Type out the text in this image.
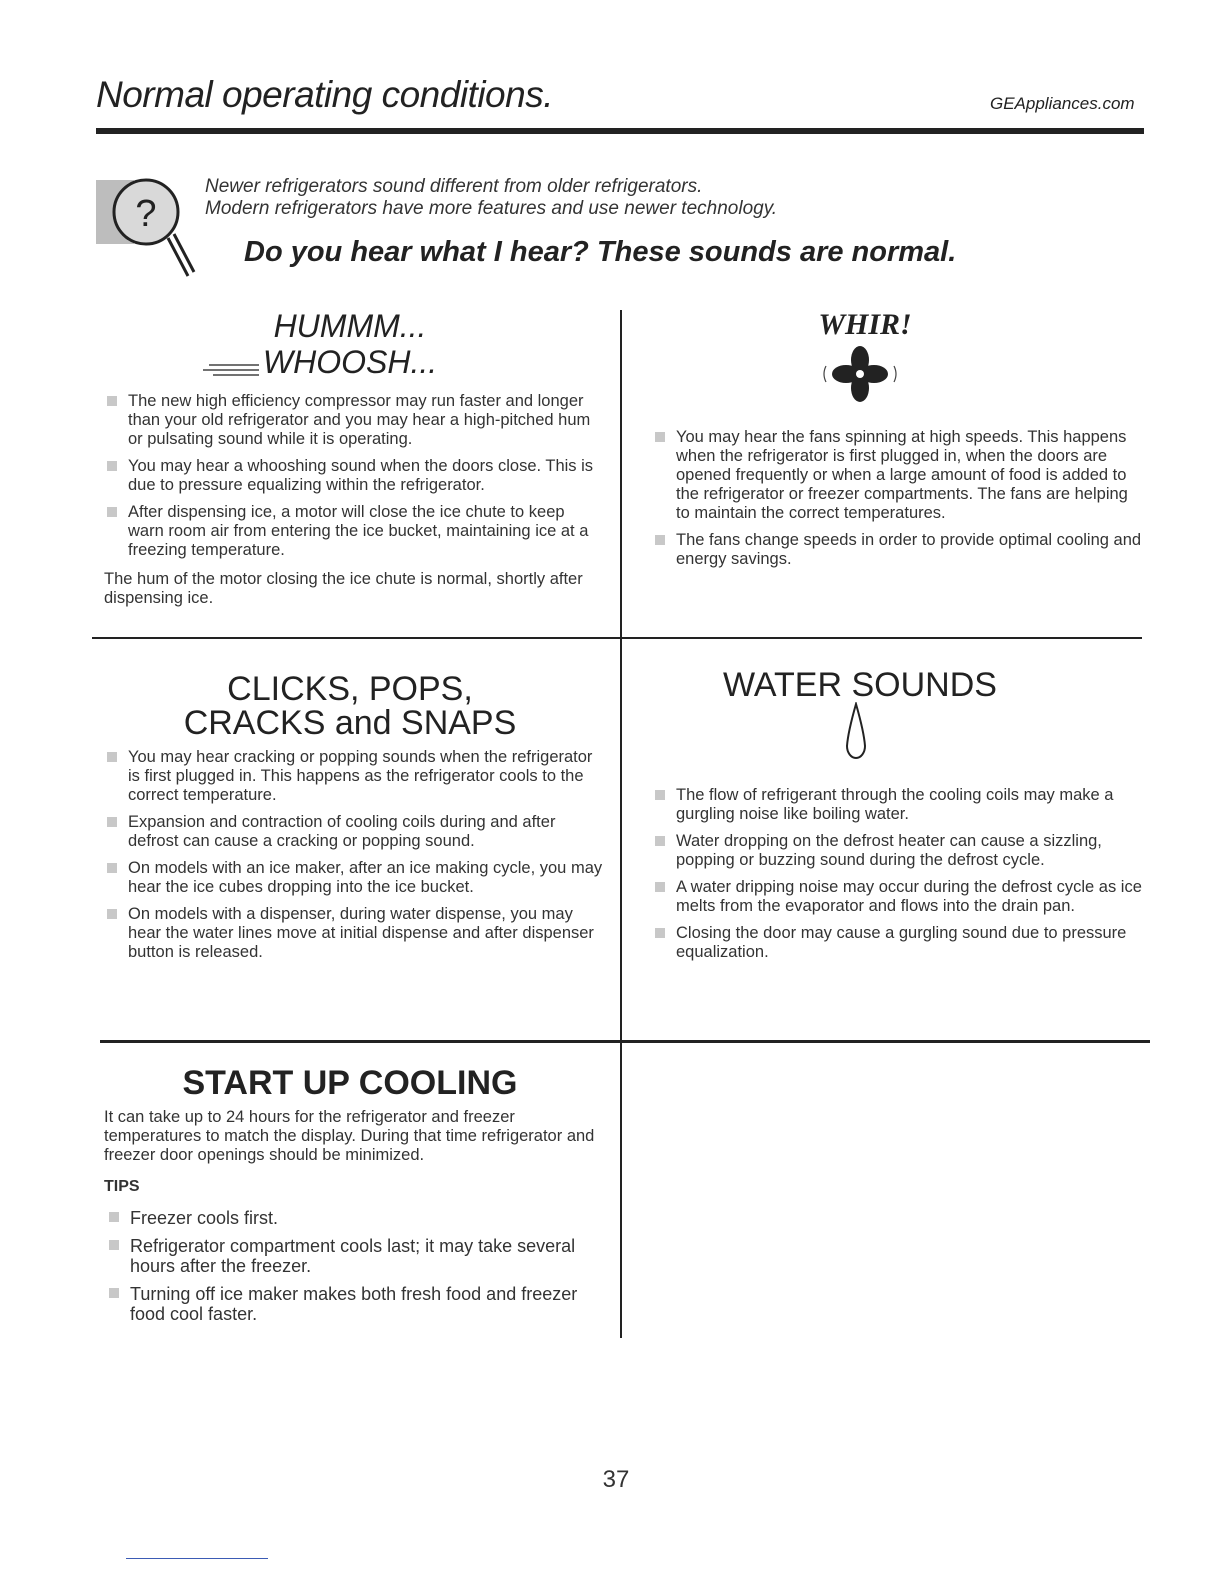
Normal operating conditions.	GEAppliances.com
?
Newer refrigerators sound different from older refrigerators.
Modern refrigerators have more features and use newer technology.
Do you hear what I hear? These sounds are normal.
HUMMM...
WHOOSH...
The new high efficiency compressor may run faster and longer than your old refrigerator and you may hear a high-pitched hum or pulsating sound while it is operating.
You may hear a whooshing sound when the doors close. This is due to pressure equalizing within the refrigerator.
After dispensing ice, a motor will close the ice chute to keep warn room air from entering the ice bucket, maintaining ice at a freezing temperature.
The hum of the motor closing the ice chute is normal, shortly after dispensing ice.
WHIR!
You may hear the fans spinning at high speeds. This happens when the refrigerator is first plugged in, when the doors are opened frequently or when a large amount of food is added to the refrigerator or freezer compartments. The fans are helping to maintain the correct temperatures.
The fans change speeds in order to provide optimal cooling and energy savings.
CLICKS, POPS,
CRACKS and SNAPS
You may hear cracking or popping sounds when the refrigerator is first plugged in. This happens as the refrigerator cools to the correct temperature.
Expansion and contraction of cooling coils during and after defrost can cause a cracking or popping sound.
On models with an ice maker, after an ice making cycle, you may hear the ice cubes dropping into the ice bucket.
On models with a dispenser, during water dispense, you may hear the water lines move at initial dispense and after dispenser button is released.
WATER SOUNDS
The flow of refrigerant through the cooling coils may make a gurgling noise like boiling water.
Water dropping on the defrost heater can cause a sizzling, popping or buzzing sound during the defrost cycle.
A water dripping noise may occur during the defrost cycle as ice melts from the evaporator and flows into the drain pan.
Closing the door may cause a gurgling sound due to pressure equalization.
START UP COOLING
It can take up to 24 hours for the refrigerator and freezer temperatures to match the display. During that time refrigerator and freezer door openings should be minimized.
TIPS
Freezer cools first.
Refrigerator compartment cools last; it may take several hours after the freezer.
Turning off ice maker makes both fresh food and freezer food cool faster.
37
